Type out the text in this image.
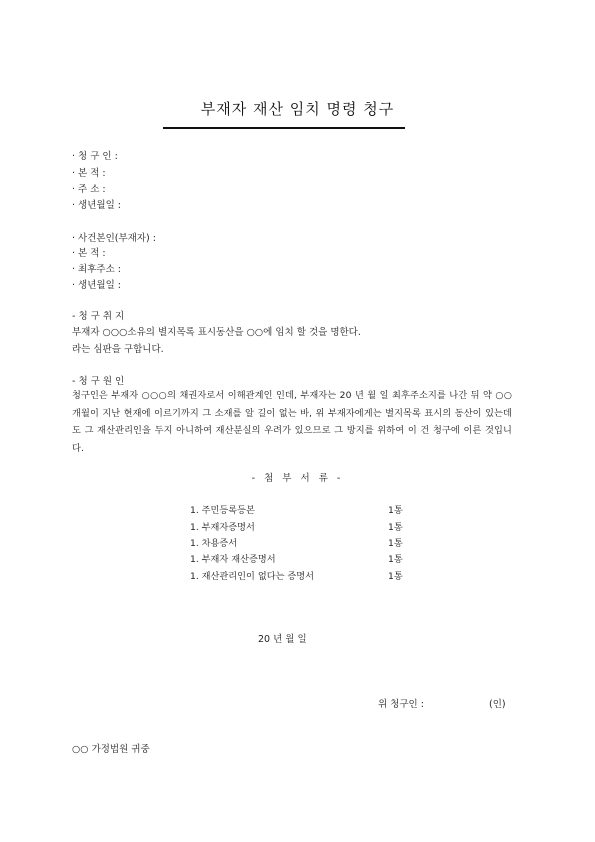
부재자 재산 임치 명령 청구
· 청 구 인 :
· 본 적 :
· 주 소 :
· 생년월일 :
· 사건본인(부재자) :
· 본 적 :
· 최후주소 :
· 생년월일 :
- 청 구 취 지
부재자 ○○○소유의 별지목록 표시동산을 ○○에 임치 할 것을 명한다.
라는 심판을 구합니다.
- 청 구 원 인
청구인은 부재자 ○○○의 채권자로서 이해관계인 인데, 부재자는 20 년 월 일 최후주소지를 나간 뒤 약 ○○개월이 지난 현재에 이르기까지 그 소재를 알 길이 없는 바, 위 부재자에게는 별지목록 표시의 동산이 있는데도 그 재산관리인을 두지 아니하여 재산분실의 우려가 있으므로 그 방지를 위하여 이 건 청구에 이른 것입니다.
- 첨 부 서 류 -
1. 주민등록등본	1통
1. 부재자증명서	1통
1. 차용증서	1통
1. 부재자 재산증명서	1통
1. 재산관리인이 없다는 증명서	1통
20 년 월 일
위 청구인 :	(인)
○○ 가정법원 귀중
